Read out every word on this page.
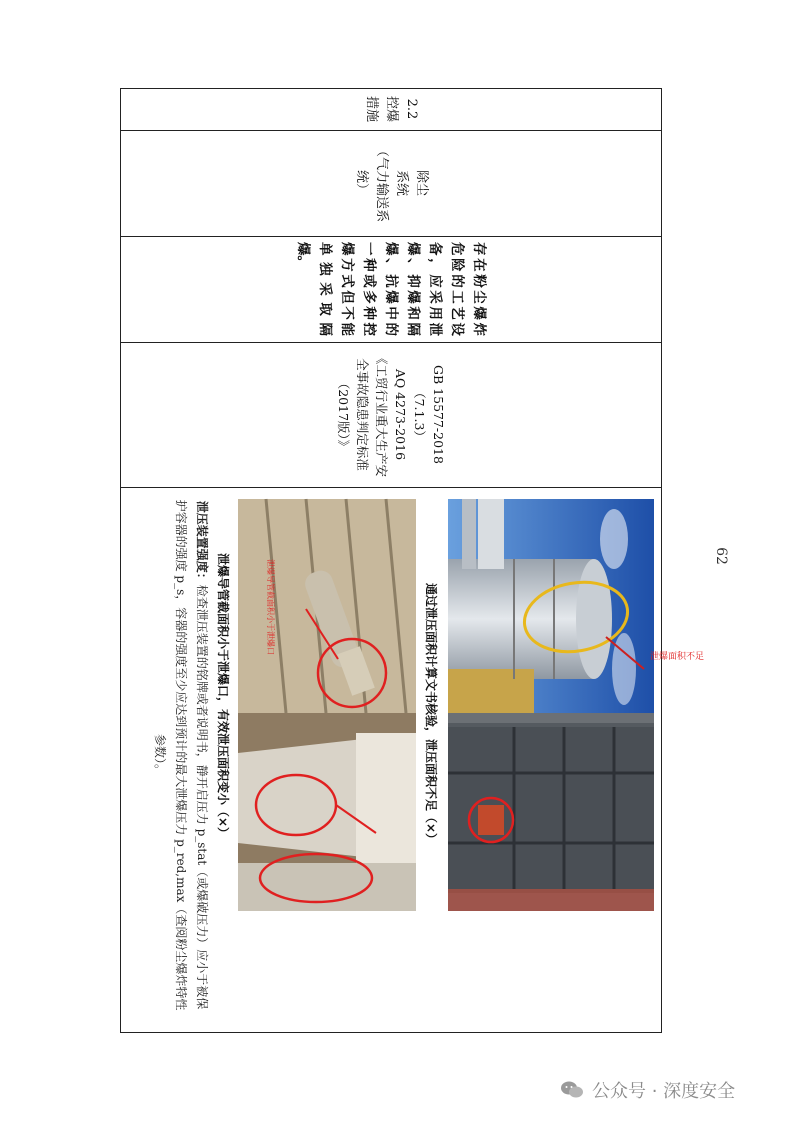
2.2
控爆措施
除尘系统
（气力输送系统）
存在粉尘爆炸危险的工艺设备，应采用泄爆、抑爆和隔爆、抗爆中的一种或多种控爆方式但不能单独采取隔爆。
GB 15577-2018
（7.1.3）
AQ 4273-2016
《工贸行业重大生产安全事故隐患判定标准（2017版）》
泄爆面积不足
通过泄压面积计算文书核验，泄压面积不足（×）
泄爆导管截面积小于泄爆口
泄爆导管截面积小于泄爆口，有效泄压面积变小（×）
泄压装置强度：检查泄压装置的铭牌或者说明书，静开启压力 p_stat（或爆破压力）应小于被保护容器的强度 p_s，容器的强度至少应达到预计的最大泄爆压力 p_red,max（查阅粉尘爆炸特性参数）。
62
公众号 · 深度安全
